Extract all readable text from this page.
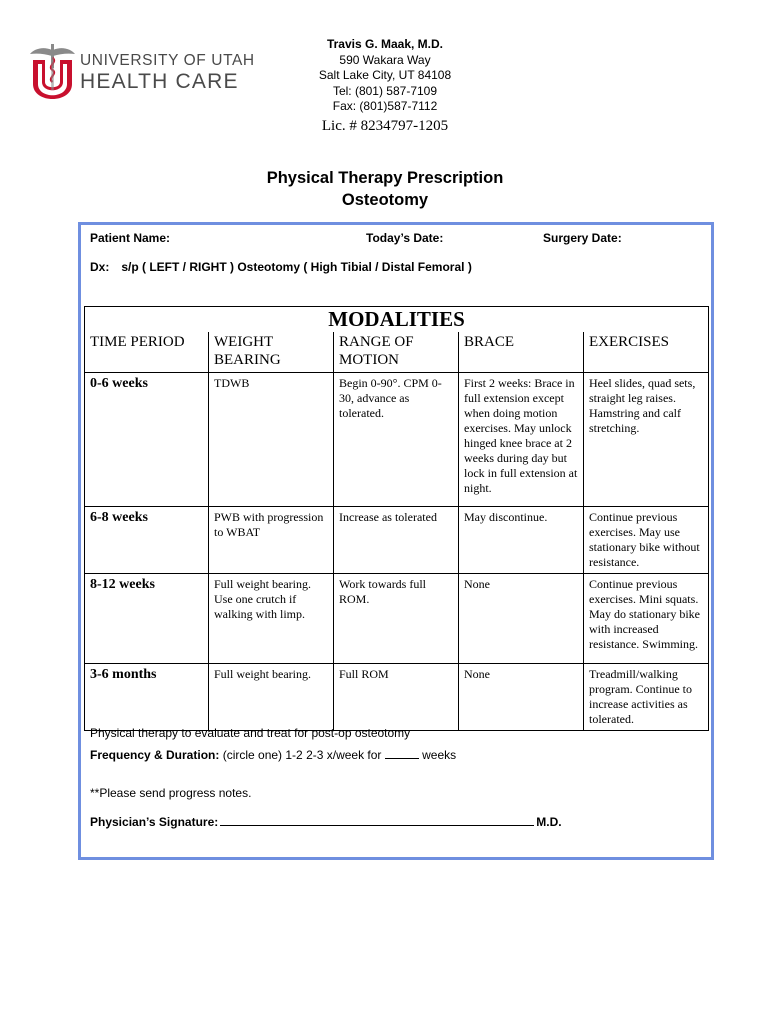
UNIVERSITY OF UTAH
HEALTH CARE
Travis G. Maak, M.D.
590 Wakara Way
Salt Lake City, UT 84108
Tel: (801) 587-7109
Fax: (801)587-7112
Lic. # 8234797-1205
Physical Therapy Prescription
Osteotomy
Patient Name:	Today’s Date:	Surgery Date:
Dx: s/p ( LEFT / RIGHT ) Osteotomy ( High Tibial / Distal Femoral )
MODALITIES				
TIME PERIOD	WEIGHT BEARING	RANGE OF MOTION	BRACE	EXERCISES
0-6 weeks	TDWB	Begin 0-90°. CPM 0-30, advance as tolerated.	First 2 weeks: Brace in full extension except when doing motion exercises. May unlock hinged knee brace at 2 weeks during day but lock in full extension at night.	Heel slides, quad sets, straight leg raises. Hamstring and calf stretching.
6-8 weeks	PWB with progression to WBAT	Increase as tolerated	May discontinue.	Continue previous exercises. May use stationary bike without resistance.
8-12 weeks	Full weight bearing. Use one crutch if walking with limp.	Work towards full ROM.	None	Continue previous exercises. Mini squats. May do stationary bike with increased resistance. Swimming.
3-6 months	Full weight bearing.	Full ROM	None	Treadmill/walking program. Continue to increase activities as tolerated.
Physical therapy to evaluate and treat for post-op osteotomy
Frequency & Duration: (circle one) 1-2 2-3 x/week for	weeks
**Please send progress notes.
Physician’s Signature:	M.D.
